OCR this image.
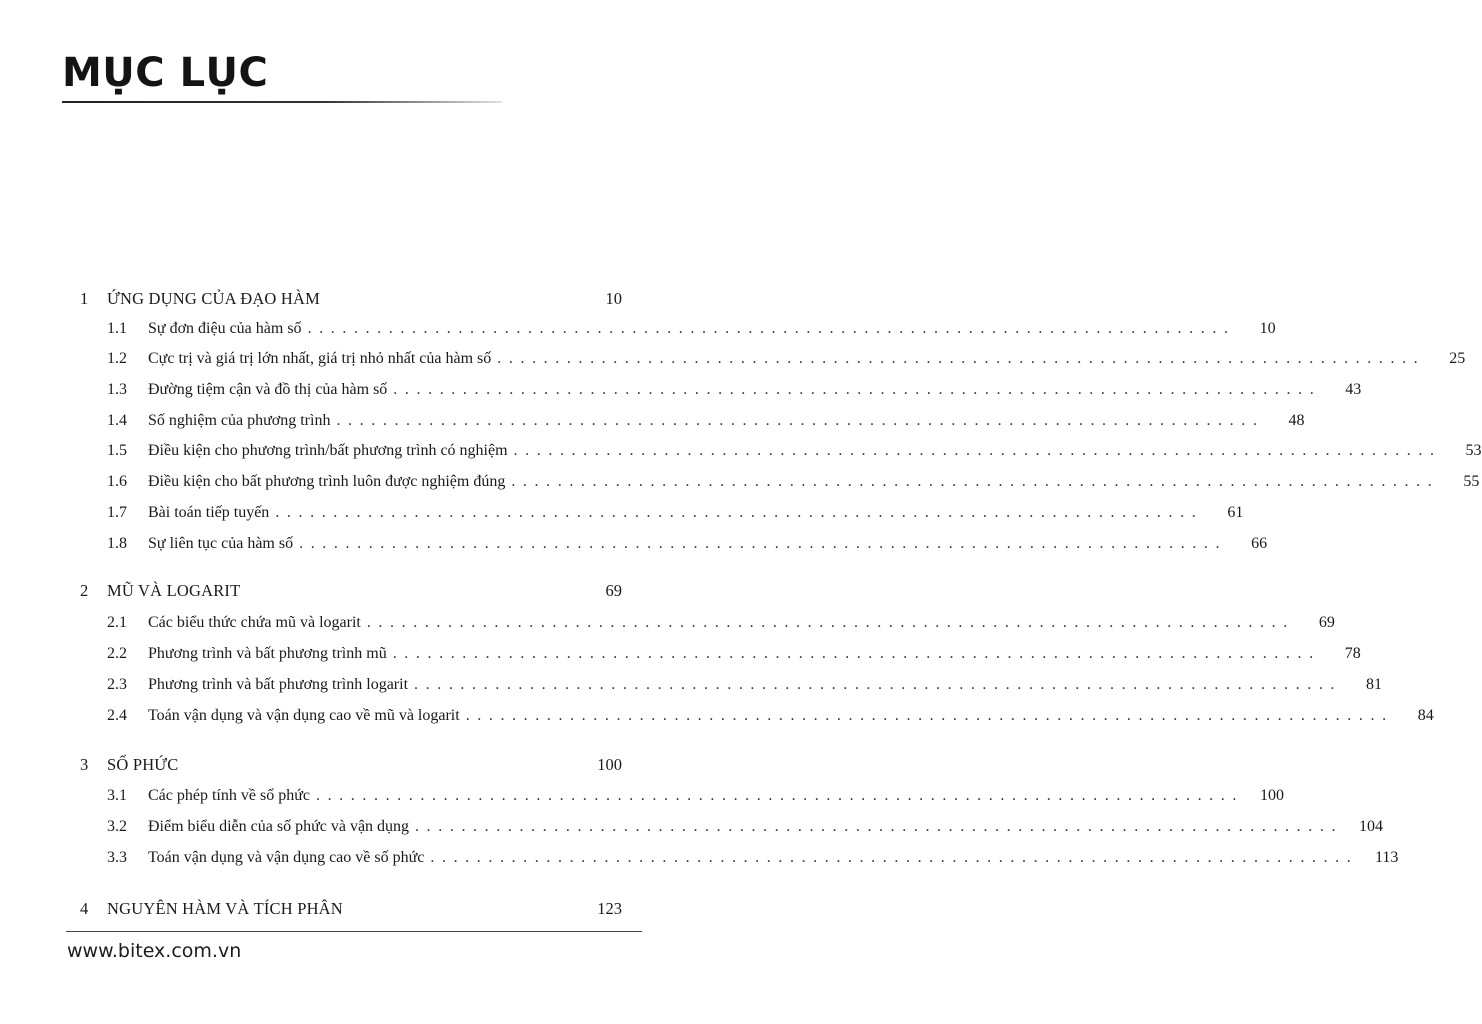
MỤC LỤC
1 ỨNG DỤNG CỦA ĐẠO HÀM	10
1.1 Sự đơn điệu của hàm số ................................................................................	10
1.2 Cực trị và giá trị lớn nhất, giá trị nhỏ nhất của hàm số ................................................................................	25
1.3 Đường tiệm cận và đồ thị của hàm số ................................................................................	43
1.4 Số nghiệm của phương trình ................................................................................	48
1.5 Điều kiện cho phương trình/bất phương trình có nghiệm ................................................................................	53
1.6 Điều kiện cho bất phương trình luôn được nghiệm đúng ................................................................................	55
1.7 Bài toán tiếp tuyến ................................................................................	61
1.8 Sự liên tục của hàm số ................................................................................	66
2 MŨ VÀ LOGARIT	69
2.1 Các biểu thức chứa mũ và logarit ................................................................................	69
2.2 Phương trình và bất phương trình mũ ................................................................................	78
2.3 Phương trình và bất phương trình logarit ................................................................................	81
2.4 Toán vận dụng và vận dụng cao về mũ và logarit ................................................................................	84
3 SỐ PHỨC	100
3.1 Các phép tính về số phức ................................................................................	100
3.2 Điểm biểu diễn của số phức và vận dụng ................................................................................	104
3.3 Toán vận dụng và vận dụng cao về số phức ................................................................................	113
4 NGUYÊN HÀM VÀ TÍCH PHÂN	123
www.bitex.com.vn
